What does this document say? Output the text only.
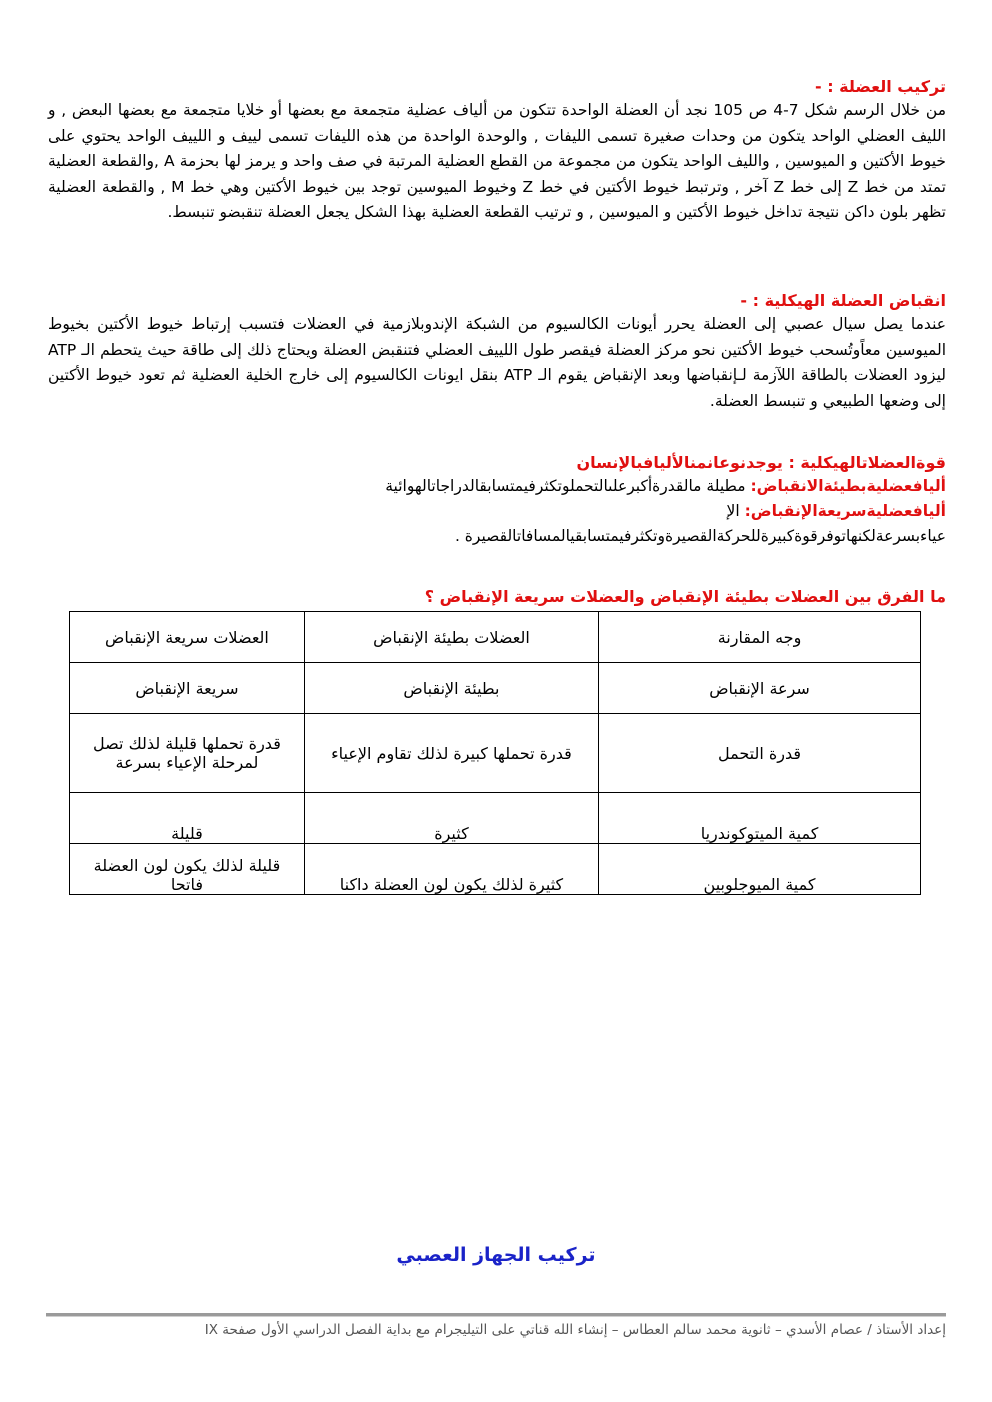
تركيب العضلة : -

من خلال الرسم شكل 7-4 ص 105 نجد أن العضلة الواحدة تتكون من ألياف عضلية متجمعة مع بعضها أو خلايا متجمعة مع بعضها البعض , و الليف العضلي الواحد يتكون من وحدات صغيرة تسمى الليفات , والوحدة الواحدة من هذه الليفات تسمى لييف و اللييف الواحد يحتوي على خيوط الأكتين و الميوسين , والليف الواحد يتكون من مجموعة من القطع العضلية المرتبة في صف واحد و يرمز لها بحزمة A ,والقطعة العضلية تمتد من خط Z إلى خط Z آخر , وترتبط خيوط الأكتين في خط Z وخيوط الميوسين توجد بين خيوط الأكتين وهي خط M , والقطعة العضلية تظهر بلون داكن نتيجة تداخل خيوط الأكتين و الميوسين , و ترتيب القطعة العضلية بهذا الشكل يجعل العضلة تنقبضو تنبسط.

انقباض العضلة الهيكلية : -

عندما يصل سيال عصبي إلى العضلة يحرر أيونات الكالسيوم من الشبكة الإندوبلازمية في العضلات فتسبب إرتباط خيوط الأكتين بخيوط الميوسين معاًوتُسحب خيوط الأكتين نحو مركز العضلة فيقصر طول اللييف العضلي فتنقبض العضلة ويحتاج ذلك إلى طاقة حيث يتحطم الـ ATP ليزود العضلات بالطاقة اللآزمة لـإنقباضها وبعد الإنقباض يقوم الـ ATP بنقل ايونات الكالسيوم إلى خارج الخلية العضلية ثم تعود خيوط الأكتين إلى وضعها الطبيعي و تنبسط العضلة.

قوةالعضلاتالهيكلية : يوجدنوعانمنالأليافبالإنسان

أليافعضليةبطيئةالانقباض: مطيلة مالقدرةأكبرعلىالتحملوتكثرفيمتسابقالدراجاتالهوائية

أليافعضليةسريعةالإنقباض: الإ

عياءبسرعةلكنهاتوفرقوةكبيرةللحركةالقصيرةوتكثرفيمتسابقيالمسافاتالقصيرة .

ما الفرق بين العضلات بطيئة الإنقباض والعضلات سريعة الإنقباض ؟
وجه المقارنة	العضلات بطيئة الإنقباض	العضلات سريعة الإنقباض
سرعة الإنقباض	بطيئة الإنقباض	سريعة الإنقباض
قدرة التحمل	قدرة تحملها كبيرة لذلك تقاوم الإعياء	قدرة تحملها قليلة لذلك تصل لمرحلة الإعياء بسرعة
كمية الميتوكوندريا	كثيرة	قليلة
كمية الميوجلوبين	كثيرة لذلك يكون لون العضلة داكنا	قليلة لذلك يكون لون العضلة فاتحا
تركيب الجهاز العصبي
إعداد الأستاذ / عصام الأسدي – ثانوية محمد سالم العطاس – إنشاء الله قناتي على التيليجرام مع بداية الفصل الدراسي الأول صفحة IX
